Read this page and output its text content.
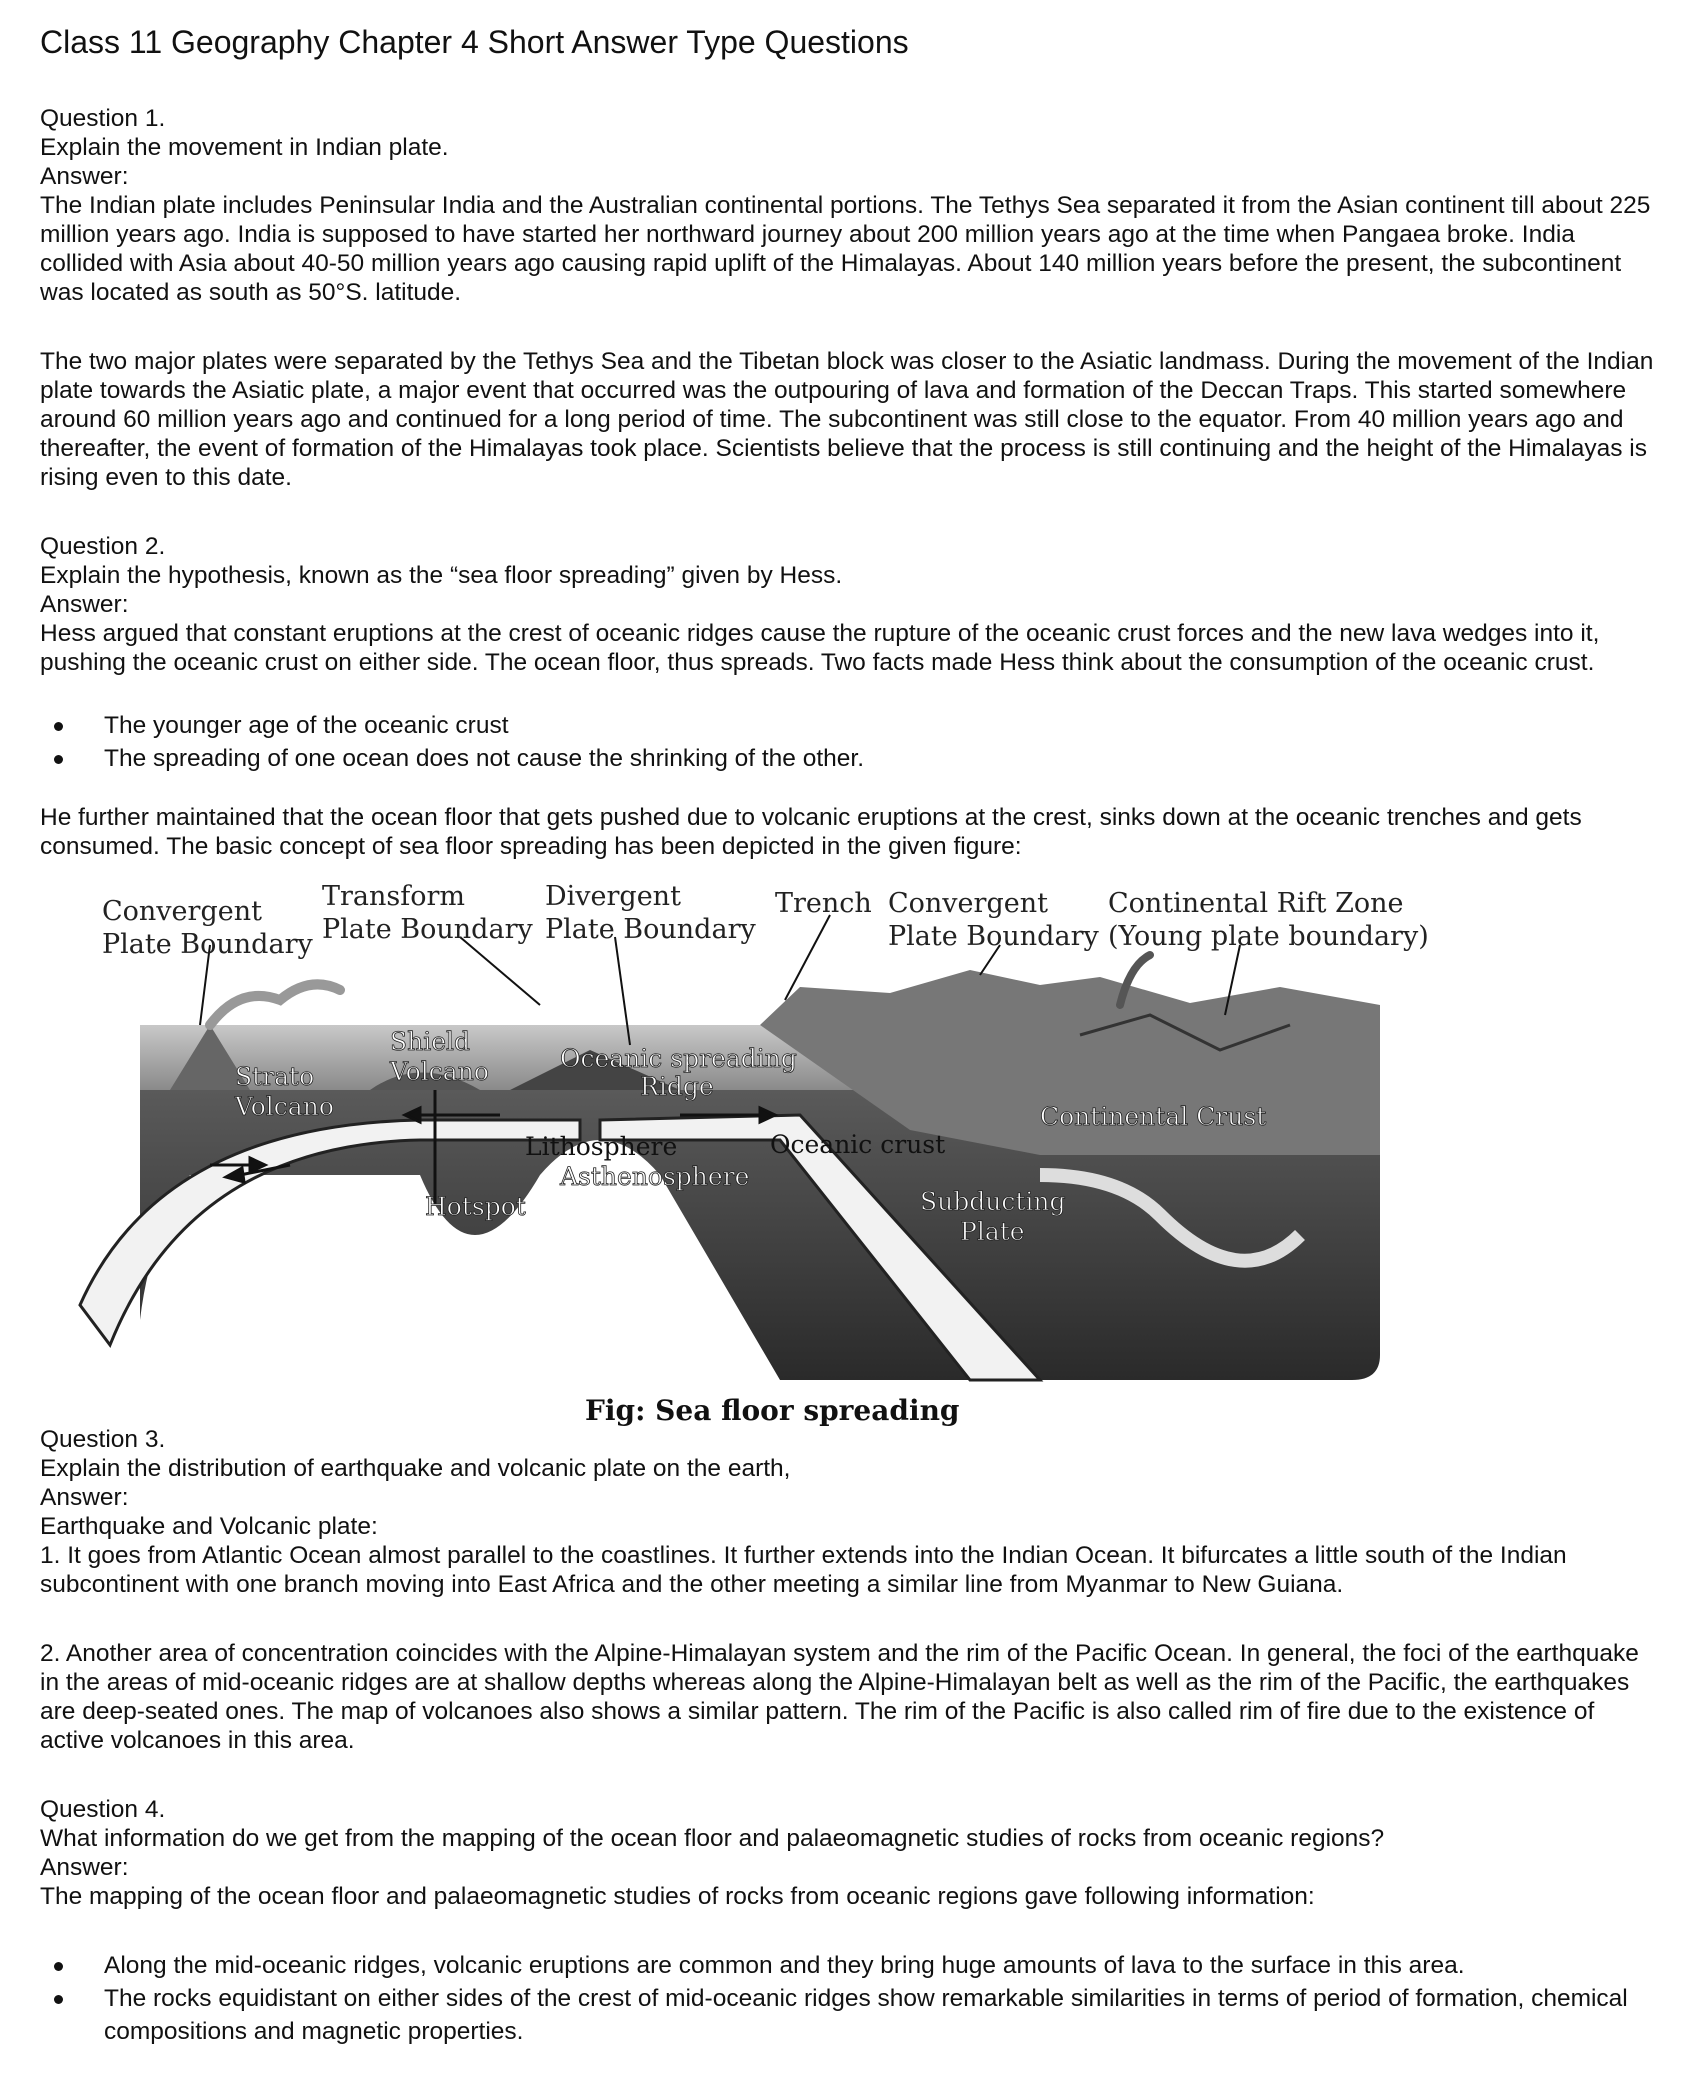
Class 11 Geography Chapter 4 Short Answer Type Questions

Question 1.

Explain the movement in Indian plate.

Answer:

The Indian plate includes Peninsular India and the Australian continental portions. The Tethys Sea separated it from the Asian continent till about 225 million years ago. India is supposed to have started her northward journey about 200 million years ago at the time when Pangaea broke. India collided with Asia about 40-50 million years ago causing rapid uplift of the Himalayas. About 140 million years before the present, the subcontinent was located as south as 50°S. latitude.

The two major plates were separated by the Tethys Sea and the Tibetan block was closer to the Asiatic landmass. During the movement of the Indian plate towards the Asiatic plate, a major event that occurred was the outpouring of lava and formation of the Deccan Traps. This started somewhere around 60 million years ago and continued for a long period of time. The subcontinent was still close to the equator. From 40 million years ago and thereafter, the event of formation of the Himalayas took place. Scientists believe that the process is still continuing and the height of the Himalayas is rising even to this date.

Question 2.

Explain the hypothesis, known as the “sea floor spreading” given by Hess.

Answer:

Hess argued that constant eruptions at the crest of oceanic ridges cause the rupture of the oceanic crust forces and the new lava wedges into it, pushing the oceanic crust on either side. The ocean floor, thus spreads. Two facts made Hess think about the consumption of the oceanic crust.

The younger age of the oceanic crust
The spreading of one ocean does not cause the shrinking of the other.

He further maintained that the ocean floor that gets pushed due to volcanic eruptions at the crest, sinks down at the oceanic trenches and gets consumed. The basic concept of sea floor spreading has been depicted in the given figure:

Convergent
Plate Boundary
Transform
Plate Boundary
Divergent
Plate Boundary
Trench Convergent
Plate Boundary
Continental Rift Zone
(Young plate boundary)
Shield
Volcano	Oceanic spreading
Ridge
Strato
Volcano	Continental Crust
Asthenosphere
Hotspot	Subducting
Plate
Lithosphere	Oceanic crust
Fig: Sea floor spreading

Question 3.

Explain the distribution of earthquake and volcanic plate on the earth,

Answer:

Earthquake and Volcanic plate:

1. It goes from Atlantic Ocean almost parallel to the coastlines. It further extends into the Indian Ocean. It bifurcates a little south of the Indian subcontinent with one branch moving into East Africa and the other meeting a similar line from Myanmar to New Guiana.

2. Another area of concentration coincides with the Alpine-Himalayan system and the rim of the Pacific Ocean. In general, the foci of the earthquake in the areas of mid-oceanic ridges are at shallow depths whereas along the Alpine-Himalayan belt as well as the rim of the Pacific, the earthquakes are deep-seated ones. The map of volcanoes also shows a similar pattern. The rim of the Pacific is also called rim of fire due to the existence of active volcanoes in this area.

Question 4.

What information do we get from the mapping of the ocean floor and palaeomagnetic studies of rocks from oceanic regions?

Answer:

The mapping of the ocean floor and palaeomagnetic studies of rocks from oceanic regions gave following information:

Along the mid-oceanic ridges, volcanic eruptions are common and they bring huge amounts of lava to the surface in this area.
The rocks equidistant on either sides of the crest of mid-oceanic ridges show remarkable similarities in terms of period of formation, chemical compositions and magnetic properties.
